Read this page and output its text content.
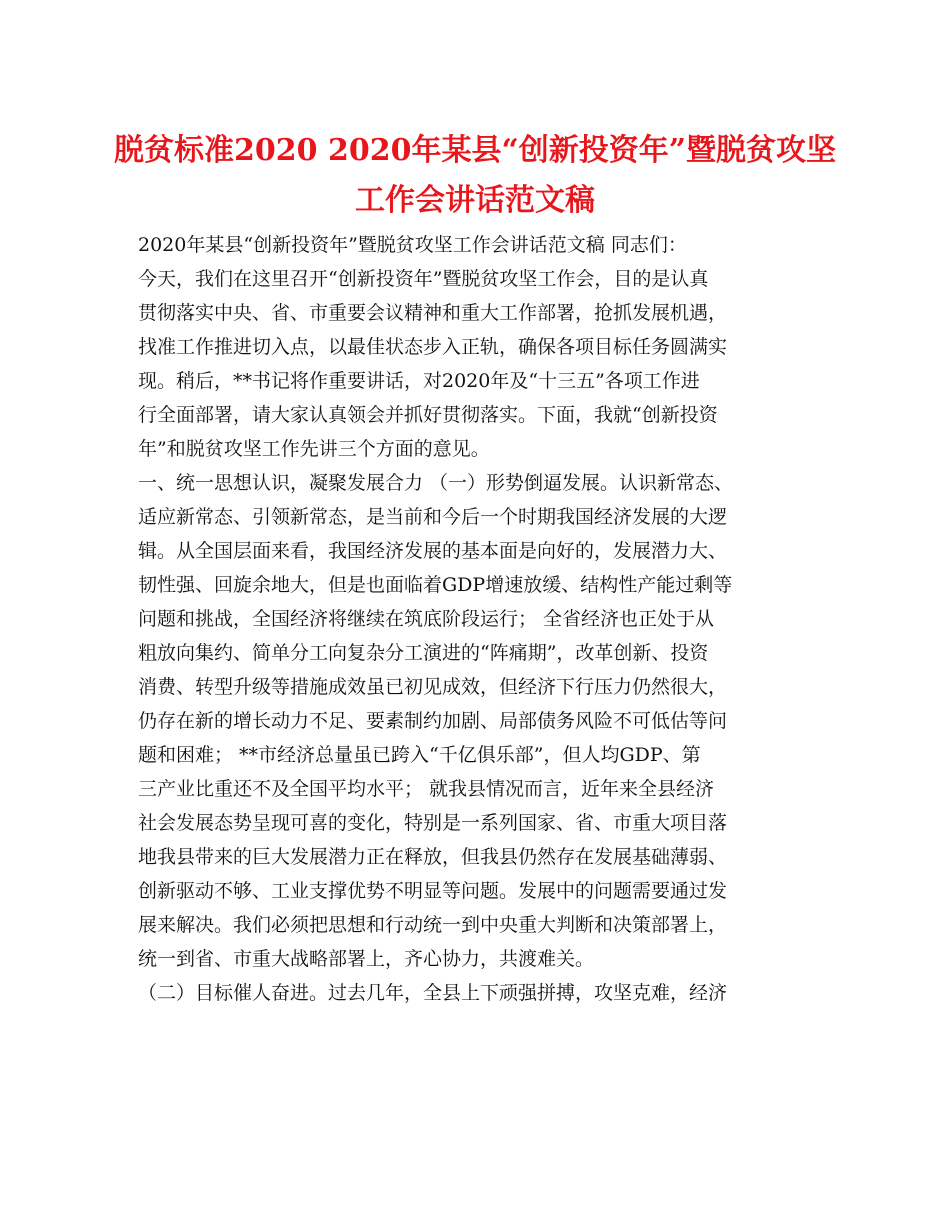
脱贫标准2020 2020年某县“创新投资年”暨脱贫攻坚
工作会讲话范文稿
2020年某县“创新投资年”暨脱贫攻坚工作会讲话范文稿 同志们：
今天，我们在这里召开“创新投资年”暨脱贫攻坚工作会，目的是认真
贯彻落实中央、省、市重要会议精神和重大工作部署，抢抓发展机遇，
找准工作推进切入点，以最佳状态步入正轨，确保各项目标任务圆满实
现。稍后，**书记将作重要讲话，对2020年及“十三五”各项工作进
行全面部署，请大家认真领会并抓好贯彻落实。下面，我就“创新投资
年”和脱贫攻坚工作先讲三个方面的意见。
一、统一思想认识，凝聚发展合力 （一）形势倒逼发展。认识新常态、
适应新常态、引领新常态，是当前和今后一个时期我国经济发展的大逻
辑。从全国层面来看，我国经济发展的基本面是向好的，发展潜力大、
韧性强、回旋余地大，但是也面临着GDP增速放缓、结构性产能过剩等
问题和挑战，全国经济将继续在筑底阶段运行； 全省经济也正处于从
粗放向集约、简单分工向复杂分工演进的“阵痛期”，改革创新、投资
消费、转型升级等措施成效虽已初见成效，但经济下行压力仍然很大，
仍存在新的增长动力不足、要素制约加剧、局部债务风险不可低估等问
题和困难； **市经济总量虽已跨入“千亿俱乐部”，但人均GDP、第
三产业比重还不及全国平均水平； 就我县情况而言，近年来全县经济
社会发展态势呈现可喜的变化，特别是一系列国家、省、市重大项目落
地我县带来的巨大发展潜力正在释放，但我县仍然存在发展基础薄弱、
创新驱动不够、工业支撑优势不明显等问题。发展中的问题需要通过发
展来解决。我们必须把思想和行动统一到中央重大判断和决策部署上，
统一到省、市重大战略部署上，齐心协力，共渡难关。
（二）目标催人奋进。过去几年，全县上下顽强拼搏，攻坚克难，经济
